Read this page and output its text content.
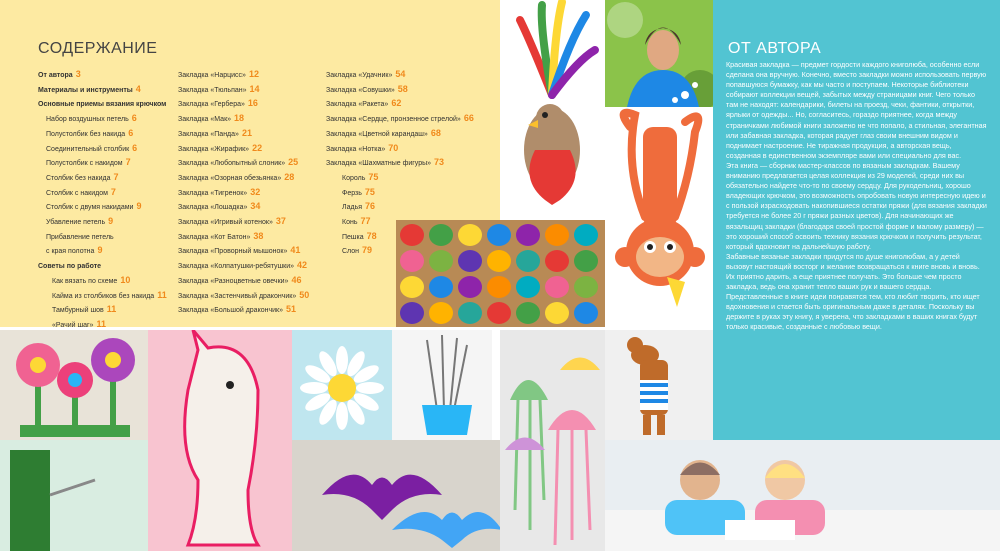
СОДЕРЖАНИЕ
От автора 3
Материалы и инструменты 4
Основные приемы вязания крючком
Набор воздушных петель 6
Полустолбик без накида 6
Соединительный столбик 6
Полустолбик с накидом 7
Столбик без накида 7
Столбик с накидом 7
Столбик с двумя накидами 9
Убавление петель 9
Прибавление петель
с края полотна 9
Советы по работе
Как вязать по схеме 10
Каймa из столбиков без накида 11
Тамбурный шов 11
«Рачий шаг» 11
Закладка «Нарцисс» 12
Закладка «Тюльпан» 14
Закладка «Гербера» 16
Закладка «Мак» 18
Закладка «Панда» 21
Закладка «Жирафик» 22
Закладка «Любопытный слоник» 25
Закладка «Озорная обезьянка» 28
Закладка «Тигренок» 32
Закладка «Лошадка» 34
Закладка «Игривый котенок» 37
Закладка «Кот Батон» 38
Закладка «Проворный мышонок» 41
Закладка «Колпатушки-ребятушки» 42
Закладка «Разноцветные овечки» 46
Закладка «Застенчивый дракончик» 50
Закладка «Большой дракончик» 51
Закладка «Удачник» 54
Закладка «Совушки» 58
Закладка «Ракета» 62
Закладка «Сердце, пронзенное стрелой» 66
Закладка «Цветной карандаш» 68
Закладка «Нотка» 70
Закладка «Шахматные фигуры» 73
Король 75
Ферзь 75
Ладья 76
Конь 77
Пешка 78
Слон 79
ОТ АВТОРА

Красивая закладка — предмет гордости каждого книголюба, особенно если сделана она вручную. Конечно, вместо закладки можно использовать первую попавшуюся бумажку, как мы часто и поступаем. Некоторые библиотеки собирают коллекции вещей, забытых между страницами книг. Чего только там не находят: календарики, билеты на проезд, чеки, фантики, открытки, ярлыки от одежды... Но, согласитесь, гораздо приятнее, когда между страничками любимой книги заложено не что попало, а стильная, элегантная или забавная закладка, которая радует глаз своим внешним видом и поднимает настроение. Не тиражная продукция, а авторская вещь, созданная в единственном экземпляре вами или специально для вас.

Эта книга — сборник мастер-классов по вязаным закладкам. Вашему вниманию предлагается целая коллекция из 29 моделей, среди них вы обязательно найдете что-то по своему сердцу. Для рукодельниц, хорошо владеющих крючком, это возможность опробовать новую интересную идею и с пользой израсходовать накопившиеся остатки пряжи (для вязания закладки требуется не более 20 г пряжи разных цветов). Для начинающих же вязальщиц закладки (благодаря своей простой форме и малому размеру) — это хороший способ освоить технику вязания крючком и получить результат, который вдохновит на дальнейшую работу.

Забавные вязаные закладки придутся по душе книголюбам, а у детей вызовут настоящий восторг и желание возвращаться к книге вновь и вновь. Их приятно дарить, а еще приятнее получать. Это больше чем просто закладка, ведь она хранит тепло ваших рук и вашего сердца. Представленные в книге идеи понравятся тем, кто любит творить, кто ищет вдохновения и стается быть оригинальным даже в деталях. Поскольку вы держите в руках эту книгу, я уверена, что закладками в ваших книгах будут только красивые, созданные с любовью вещи.
